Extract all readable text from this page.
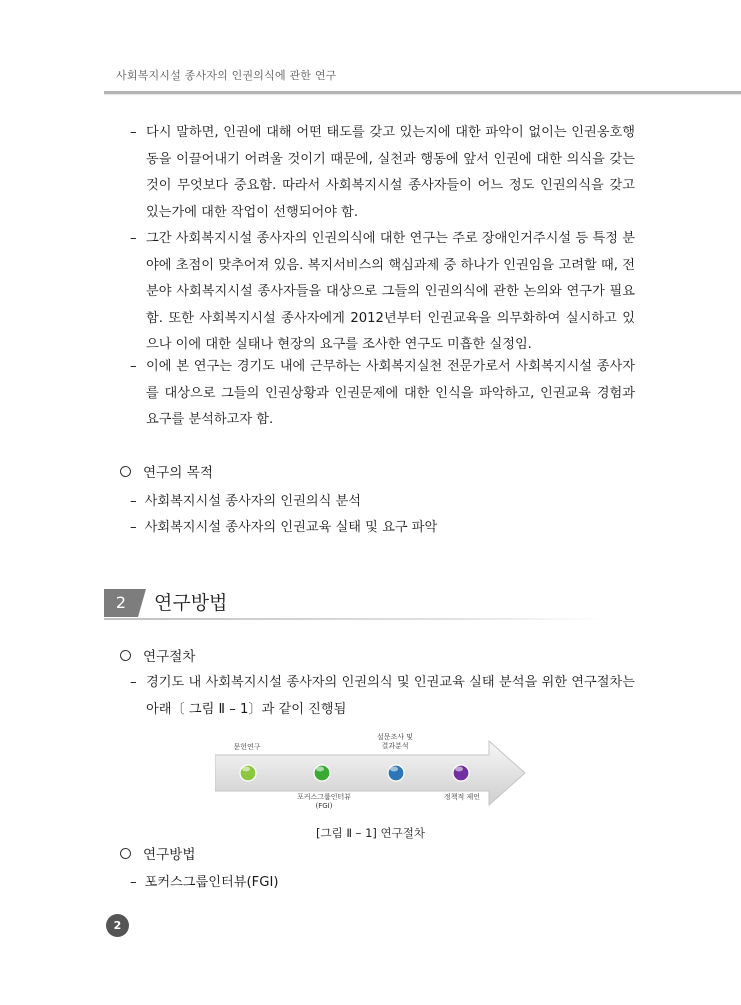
사회복지시설 종사자의 인권의식에 관한 연구
– 다시 말하면, 인권에 대해 어떤 태도를 갖고 있는지에 대한 파악이 없이는 인권옹호행동을 이끌어내기 어려울 것이기 때문에, 실천과 행동에 앞서 인권에 대한 의식을 갖는 것이 무엇보다 중요함. 따라서 사회복지시설 종사자들이 어느 정도 인권의식을 갖고 있는가에 대한 작업이 선행되어야 함.
– 그간 사회복지시설 종사자의 인권의식에 대한 연구는 주로 장애인거주시설 등 특정 분야에 초점이 맞추어져 있음. 복지서비스의 핵심과제 중 하나가 인권임을 고려할 때, 전 분야 사회복지시설 종사자들을 대상으로 그들의 인권의식에 관한 논의와 연구가 필요함. 또한 사회복지시설 종사자에게 2012년부터 인권교육을 의무화하여 실시하고 있으나 이에 대한 실태나 현장의 요구를 조사한 연구도 미흡한 실정임.
– 이에 본 연구는 경기도 내에 근무하는 사회복지실천 전문가로서 사회복지시설 종사자를 대상으로 그들의 인권상황과 인권문제에 대한 인식을 파악하고, 인권교육 경험과 요구를 분석하고자 함.
연구의 목적
– 사회복지시설 종사자의 인권의식 분석
– 사회복지시설 종사자의 인권교육 실태 및 요구 파악
2	연구방법
연구절차
– 경기도 내 사회복지시설 종사자의 인권의식 및 인권교육 실태 분석을 위한 연구절차는 아래〔 그림 Ⅱ – 1〕과 같이 진행됨
문헌연구
포커스그룹인터뷰
(FGI)
설문조사 및
결과분석
정책적 제언
[그림 Ⅱ – 1] 연구절차
연구방법
– 포커스그룹인터뷰(FGI)
2
